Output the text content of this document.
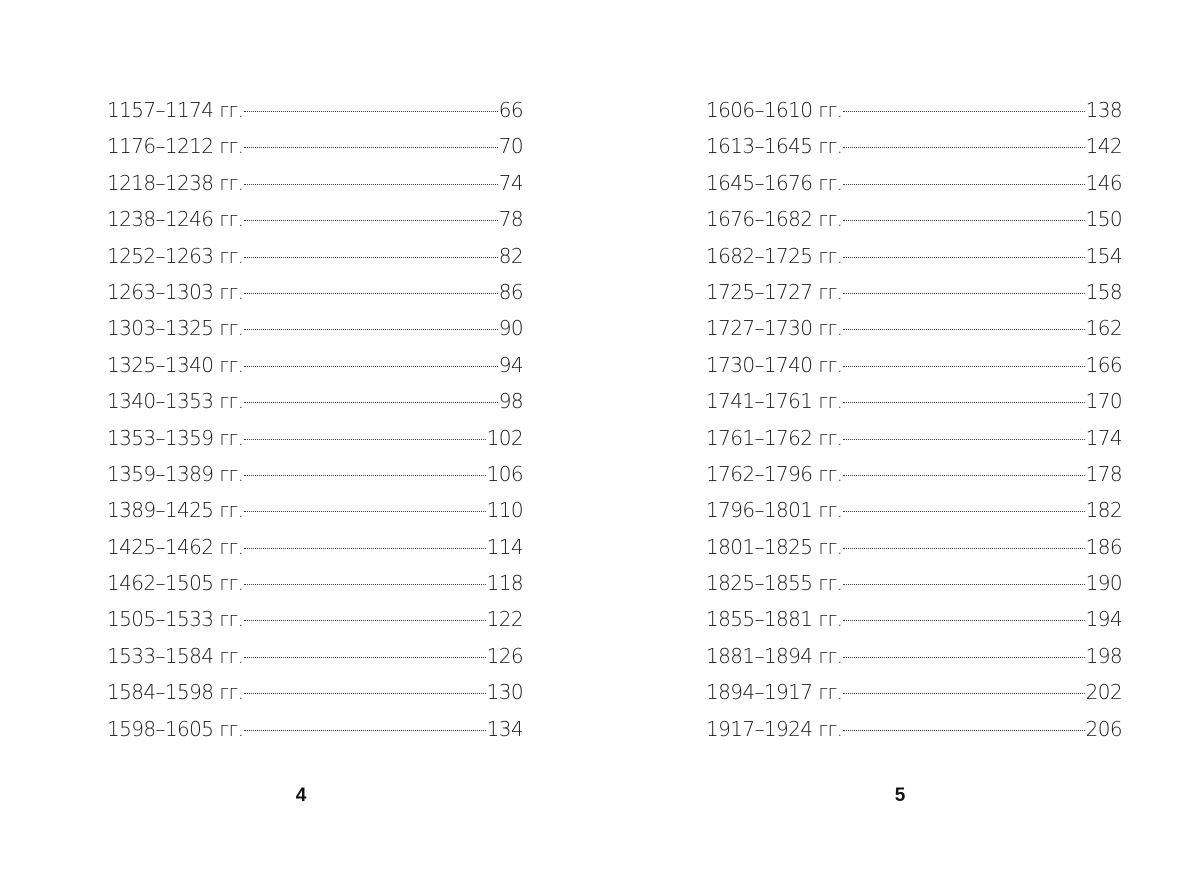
1157–1174 гг.	66
1176–1212 гг.	70
1218–1238 гг.	74
1238–1246 гг.	78
1252–1263 гг.	82
1263–1303 гг.	86
1303–1325 гг.	90
1325–1340 гг.	94
1340–1353 гг.	98
1353–1359 гг.	102
1359–1389 гг.	106
1389–1425 гг.	110
1425–1462 гг.	114
1462–1505 гг.	118
1505–1533 гг.	122
1533–1584 гг.	126
1584–1598 гг.	130
1598–1605 гг.	134
4
1606–1610 гг.	138
1613–1645 гг.	142
1645–1676 гг.	146
1676–1682 гг.	150
1682–1725 гг.	154
1725–1727 гг.	158
1727–1730 гг.	162
1730–1740 гг.	166
1741–1761 гг.	170
1761–1762 гг.	174
1762–1796 гг.	178
1796–1801 гг.	182
1801–1825 гг.	186
1825–1855 гг.	190
1855–1881 гг.	194
1881–1894 гг.	198
1894–1917 гг.	202
1917–1924 гг.	206
5
